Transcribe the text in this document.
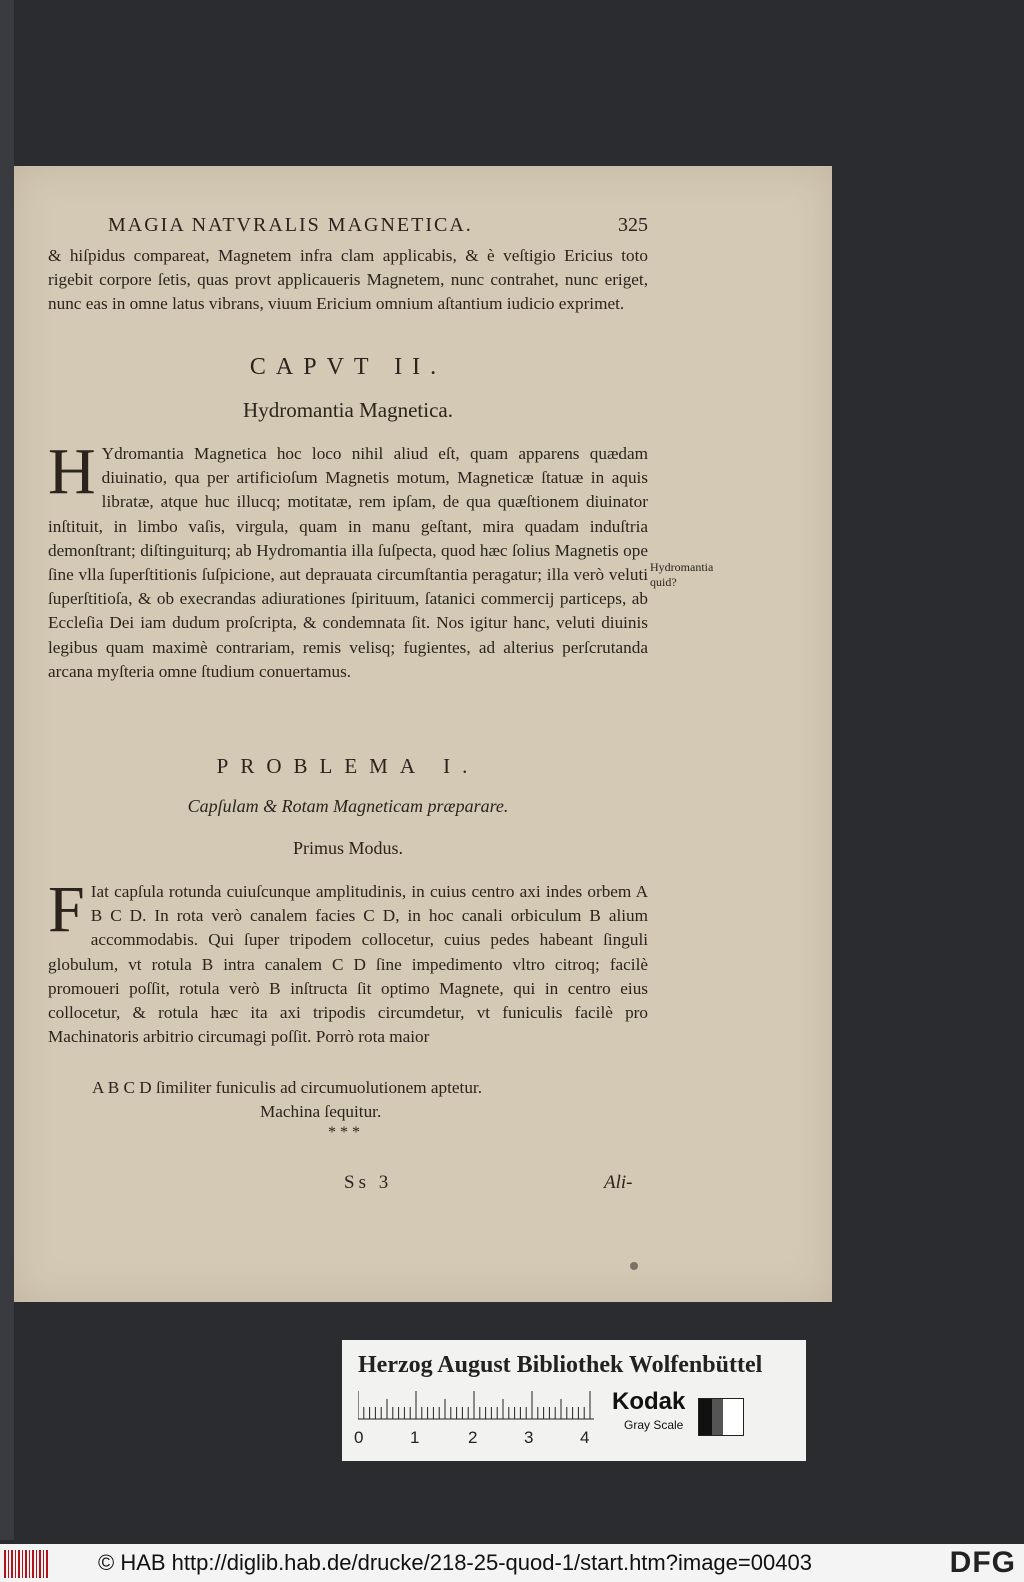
MAGIA NATVRALIS MAGNETICA.	325

& hiſpidus compareat, Magnetem infra clam applicabis, & è veſtigio Ericius toto rigebit corpore ſetis, quas provt applicaueris Magnetem, nunc contrahet, nunc eriget, nunc eas in omne latus vibrans, viuum Ericium omnium aſtantium iudicio exprimet.

CAPVT II.
Hydromantia Magnetica.

H Ydromantia Magnetica hoc loco nihil aliud eſt, quam apparens quædam diuinatio, qua per artificioſum Magnetis motum, Magneticæ ſtatuæ in aquis libratæ, atque huc illucq; motitatæ, rem ipſam, de qua quæſtionem diuinator inſtituit, in limbo vaſis, virgula, quam in manu geſtant, mira quadam induſtria demonſtrant; diſtinguiturq; ab Hydromantia illa ſuſpecta, quod hæc ſolius Magnetis ope ſine vlla ſuperſtitionis ſuſpicione, aut deprauata circumſtantia peragatur; illa verò veluti ſuperſtitioſa, & ob execrandas adiurationes ſpirituum, ſatanici commercij particeps, ab Eccleſia Dei iam dudum proſcripta, & condemnata ſit. Nos igitur hanc, veluti diuinis legibus quam maximè contrariam, remis velisq; fugientes, ad alterius perſcrutanda arcana myſteria omne ſtudium conuertamus.

Hydromantia quid?
PROBLEMA I.
Capſulam & Rotam Magneticam præparare.
Primus Modus.

F Iat capſula rotunda cuiuſcunque amplitudinis, in cuius centro axi indes orbem A B C D. In rota verò canalem facies C D, in hoc canali orbiculum B alium accommodabis. Qui ſuper tripodem collocetur, cuius pedes habeant ſinguli globulum, vt rotula B intra canalem C D ſine impedimento vltro citroq; facilè promoueri poſſit, rotula verò B inſtructa ſit optimo Magnete, qui in centro eius collocetur, & rotula hæc ita axi tripodis circumdetur, vt funiculis facilè pro Machinatoris arbitrio circumagi poſſit. Porrò rota maior

A B C D ſimiliter funiculis ad circumuolutionem aptetur.
Machina ſequitur.
* * *
Ss 3	Ali-
Herzog August Bibliothek Wolfenbüttel
0	1	2	3	4
Kodak
Gray Scale
© HAB http://diglib.hab.de/drucke/218-25-quod-1/start.htm?image=00403	DFG
